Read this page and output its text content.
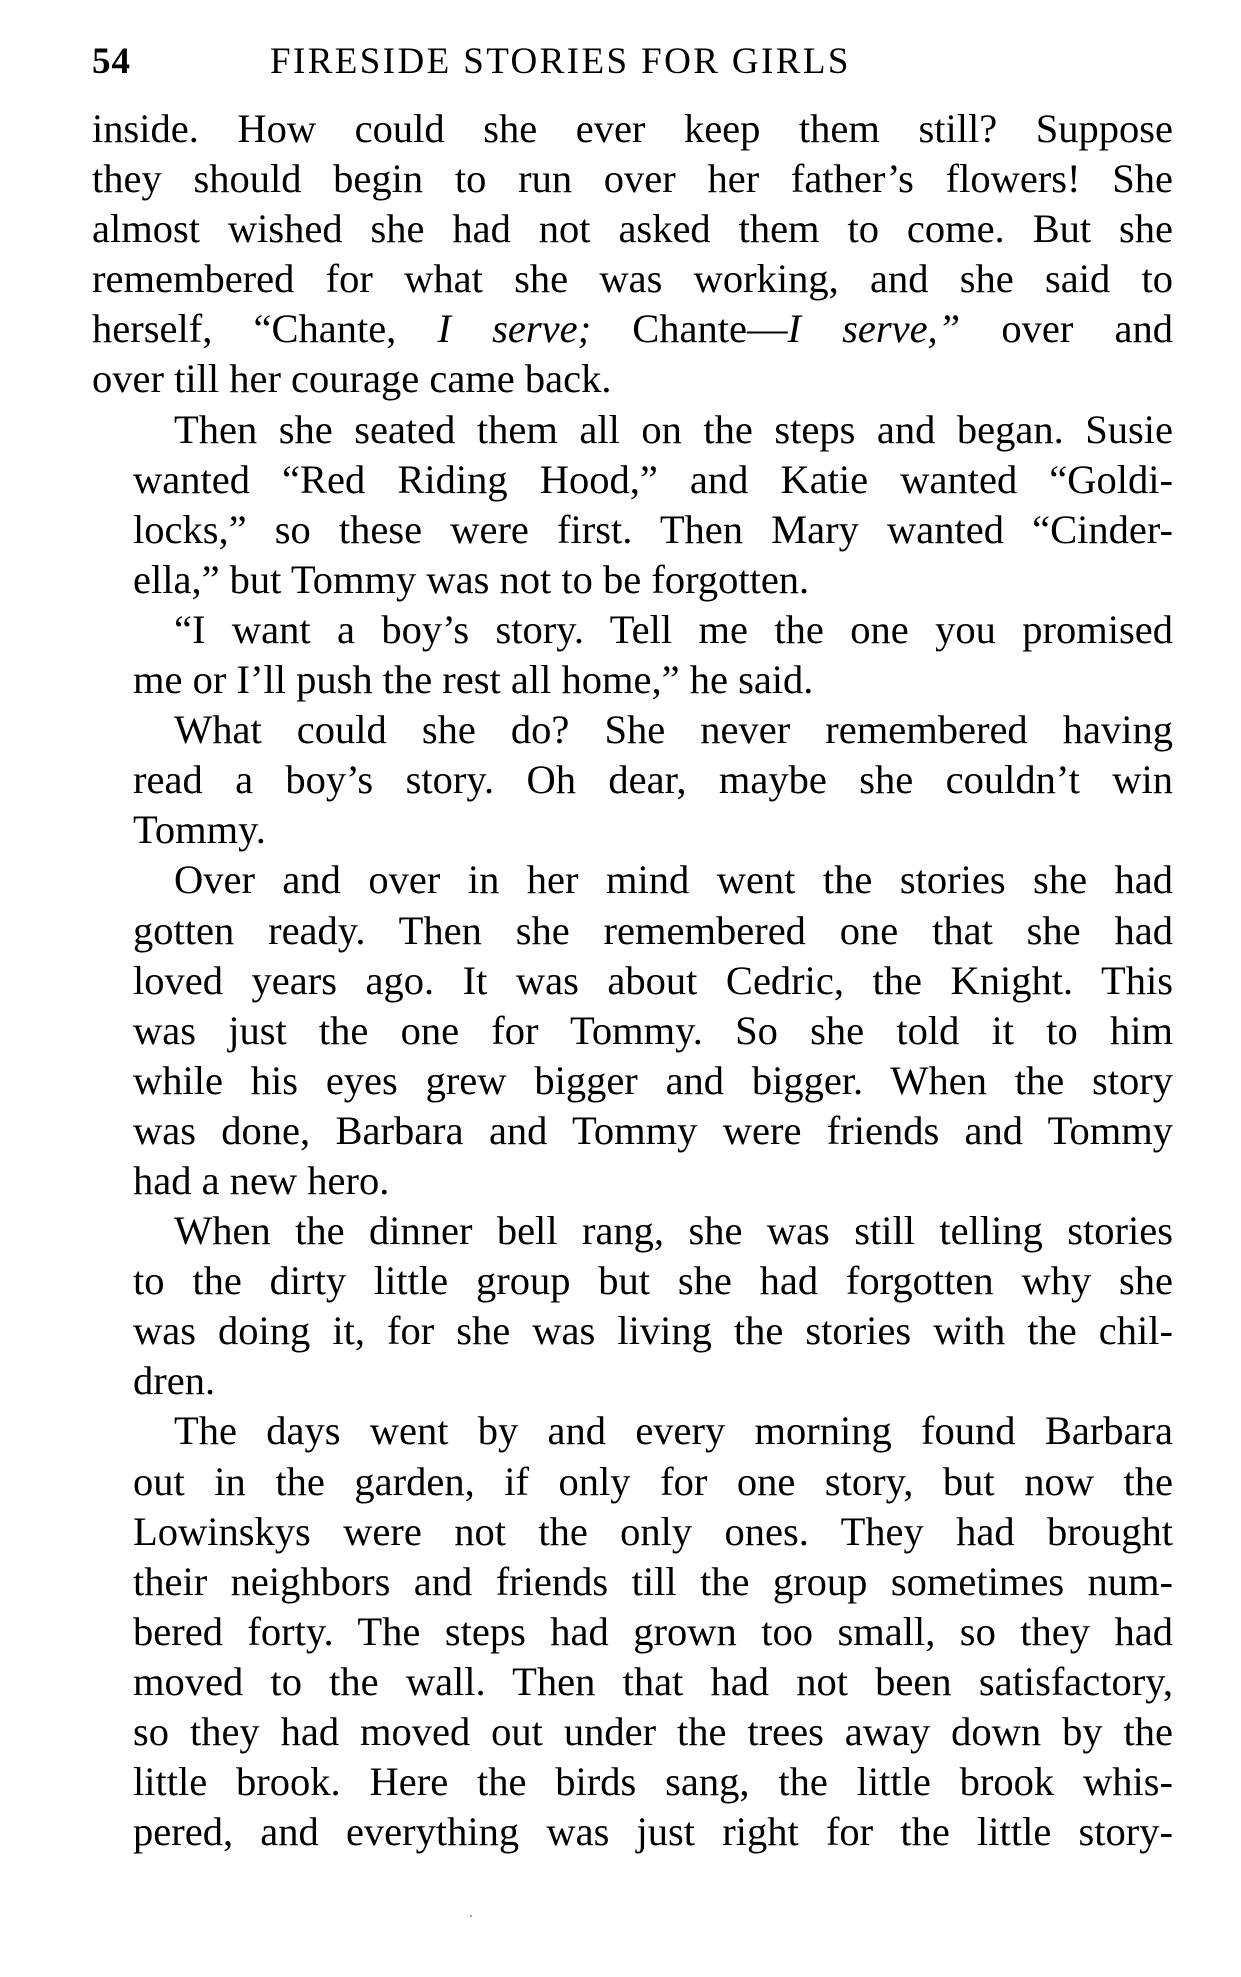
54	FIRESIDE STORIES FOR GIRLS
inside. How could she ever keep them still? Suppose
they should begin to run over her father’s flowers! She
almost wished she had not asked them to come. But she
remembered for what she was working, and she said to
herself, “Chante, I serve; Chante—I serve,” over and
over till her courage came back.
Then she seated them all on the steps and began. Susie
wanted “Red Riding Hood,” and Katie wanted “Goldi-
locks,” so these were first. Then Mary wanted “Cinder-
ella,” but Tommy was not to be forgotten.
“I want a boy’s story. Tell me the one you promised
me or I’ll push the rest all home,” he said.
What could she do? She never remembered having
read a boy’s story. Oh dear, maybe she couldn’t win
Tommy.
Over and over in her mind went the stories she had
gotten ready. Then she remembered one that she had
loved years ago. It was about Cedric, the Knight. This
was just the one for Tommy. So she told it to him
while his eyes grew bigger and bigger. When the story
was done, Barbara and Tommy were friends and Tommy
had a new hero.
When the dinner bell rang, she was still telling stories
to the dirty little group but she had forgotten why she
was doing it, for she was living the stories with the chil-
dren.
The days went by and every morning found Barbara
out in the garden, if only for one story, but now the
Lowinskys were not the only ones. They had brought
their neighbors and friends till the group sometimes num-
bered forty. The steps had grown too small, so they had
moved to the wall. Then that had not been satisfactory,
so they had moved out under the trees away down by the
little brook. Here the birds sang, the little brook whis-
pered, and everything was just right for the little story-
